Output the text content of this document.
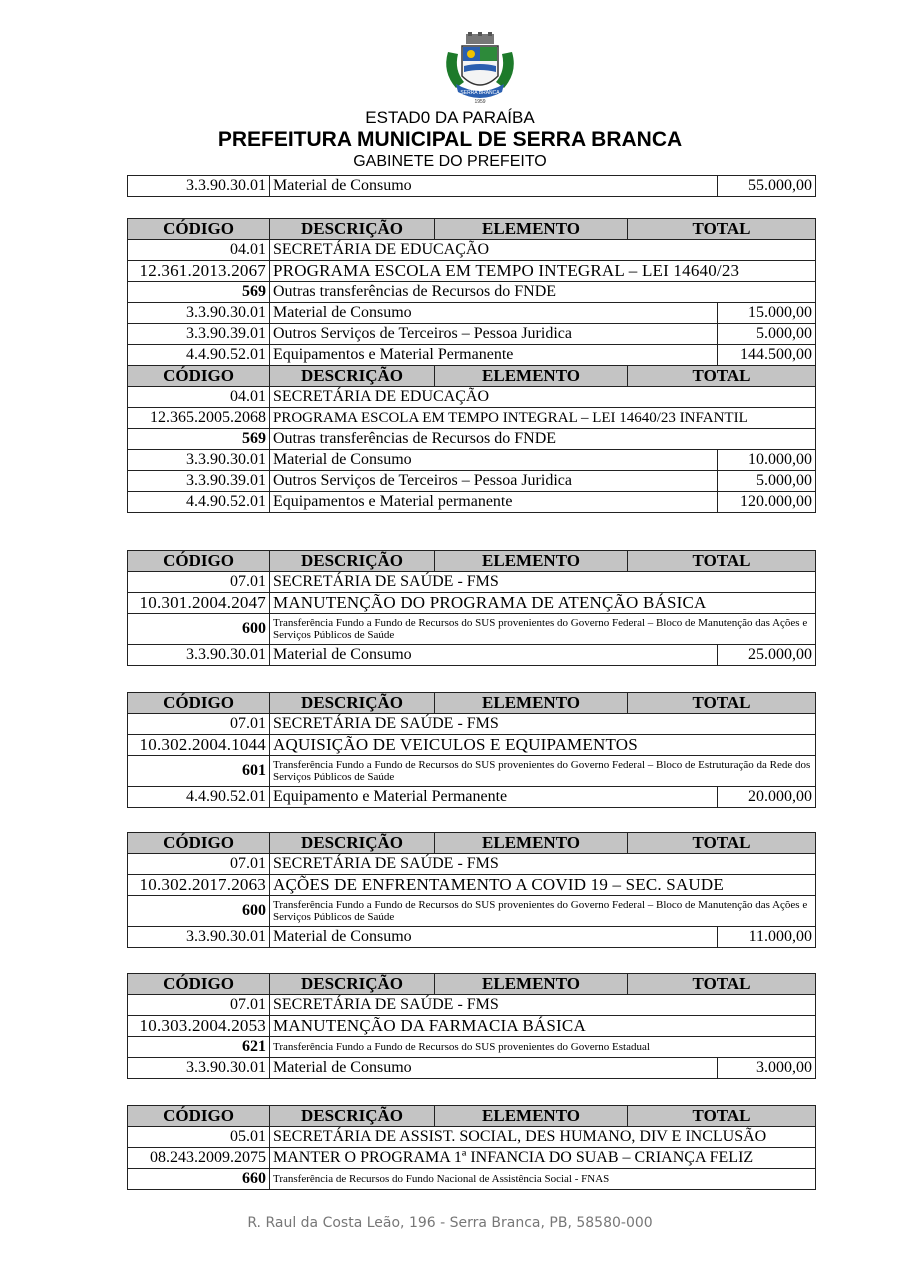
SERRA BRANCA
1959
ESTAD0 DA PARAÍBA
PREFEITURA MUNICIPAL DE SERRA BRANCA
GABINETE DO PREFEITO
3.3.90.30.01	Material de Consumo	55.000,00
CÓDIGO	DESCRIÇÃO	ELEMENTO	TOTAL	
04.01	SECRETÁRIA DE EDUCAÇÃO			
12.361.2013.2067	PROGRAMA ESCOLA EM TEMPO INTEGRAL – LEI 14640/23			
569	Outras transferências de Recursos do FNDE			
3.3.90.30.01	Material de Consumo			15.000,00
3.3.90.39.01	Outros Serviços de Terceiros – Pessoa Juridica			5.000,00
4.4.90.52.01	Equipamentos e Material Permanente			144.500,00
CÓDIGO	DESCRIÇÃO	ELEMENTO	TOTAL	
04.01	SECRETÁRIA DE EDUCAÇÃO			
12.365.2005.2068	PROGRAMA ESCOLA EM TEMPO INTEGRAL – LEI 14640/23 INFANTIL			
569	Outras transferências de Recursos do FNDE			
3.3.90.30.01	Material de Consumo			10.000,00
3.3.90.39.01	Outros Serviços de Terceiros – Pessoa Juridica			5.000,00
4.4.90.52.01	Equipamentos e Material permanente			120.000,00
CÓDIGO	DESCRIÇÃO	ELEMENTO	TOTAL	
07.01	SECRETÁRIA DE SAÚDE - FMS			
10.301.2004.2047	MANUTENÇÃO DO PROGRAMA DE ATENÇÃO BÁSICA			
600	Transferência Fundo a Fundo de Recursos do SUS provenientes do Governo Federal – Bloco de Manutenção das Ações e Serviços Públicos de Saúde			
3.3.90.30.01	Material de Consumo			25.000,00
CÓDIGO	DESCRIÇÃO	ELEMENTO	TOTAL	
07.01	SECRETÁRIA DE SAÚDE - FMS			
10.302.2004.1044	AQUISIÇÃO DE VEICULOS E EQUIPAMENTOS			
601	Transferência Fundo a Fundo de Recursos do SUS provenientes do Governo Federal – Bloco de Estruturação da Rede dos Serviços Públicos de Saúde			
4.4.90.52.01	Equipamento e Material Permanente			20.000,00
CÓDIGO	DESCRIÇÃO	ELEMENTO	TOTAL	
07.01	SECRETÁRIA DE SAÚDE - FMS			
10.302.2017.2063	AÇÕES DE ENFRENTAMENTO A COVID 19 – SEC. SAUDE			
600	Transferência Fundo a Fundo de Recursos do SUS provenientes do Governo Federal – Bloco de Manutenção das Ações e Serviços Públicos de Saúde			
3.3.90.30.01	Material de Consumo			11.000,00
CÓDIGO	DESCRIÇÃO	ELEMENTO	TOTAL	
07.01	SECRETÁRIA DE SAÚDE - FMS			
10.303.2004.2053	MANUTENÇÃO DA FARMACIA BÁSICA			
621	Transferência Fundo a Fundo de Recursos do SUS provenientes do Governo Estadual			
3.3.90.30.01	Material de Consumo			3.000,00
CÓDIGO	DESCRIÇÃO	ELEMENTO	TOTAL
05.01	SECRETÁRIA DE ASSIST. SOCIAL, DES HUMANO, DIV E INCLUSÃO		
08.243.2009.2075	MANTER O PROGRAMA 1ª INFANCIA DO SUAB – CRIANÇA FELIZ		
660	Transferência de Recursos do Fundo Nacional de Assistência Social - FNAS		
R. Raul da Costa Leão, 196 - Serra Branca, PB, 58580-000
